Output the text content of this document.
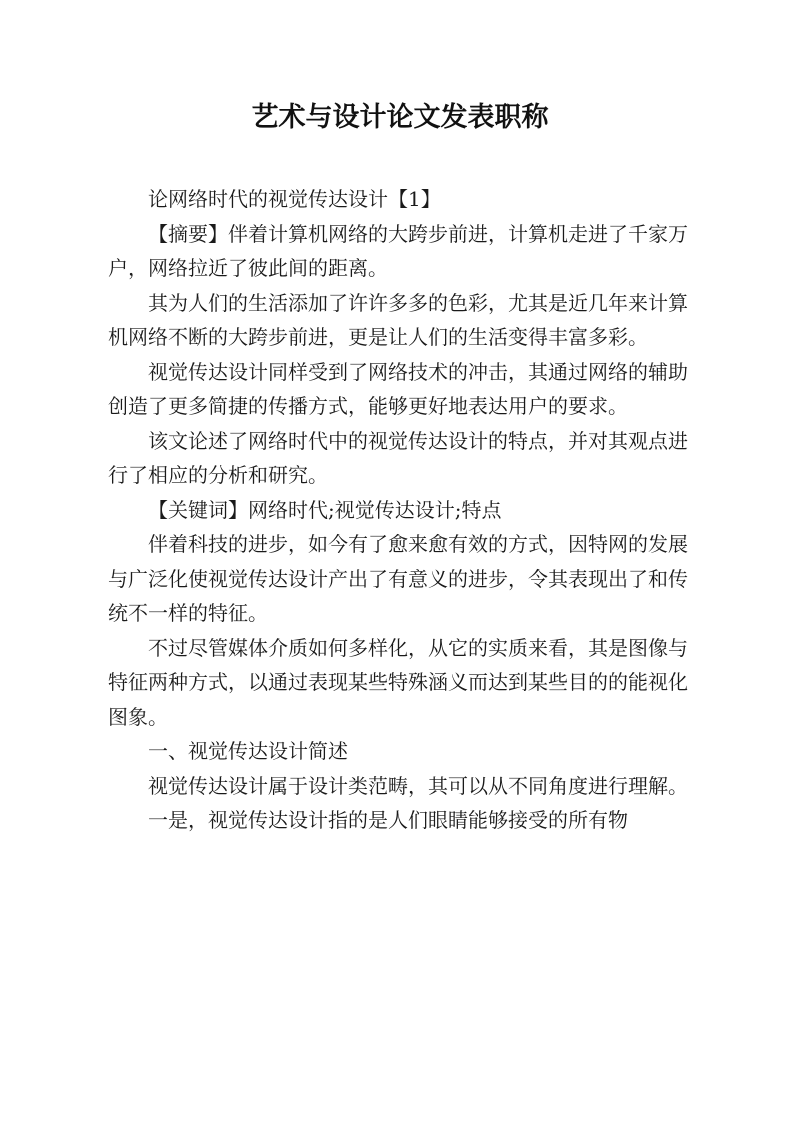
艺术与设计论文发表职称

论网络时代的视觉传达设计【1】

【摘要】伴着计算机网络的大跨步前进，计算机走进了千家万户，网络拉近了彼此间的距离。

其为人们的生活添加了许许多多的色彩，尤其是近几年来计算机网络不断的大跨步前进，更是让人们的生活变得丰富多彩。

视觉传达设计同样受到了网络技术的冲击，其通过网络的辅助创造了更多简捷的传播方式，能够更好地表达用户的要求。

该文论述了网络时代中的视觉传达设计的特点，并对其观点进行了相应的分析和研究。

【关键词】网络时代;视觉传达设计;特点

伴着科技的进步，如今有了愈来愈有效的方式，因特网的发展与广泛化使视觉传达设计产出了有意义的进步，令其表现出了和传统不一样的特征。

不过尽管媒体介质如何多样化，从它的实质来看，其是图像与特征两种方式，以通过表现某些特殊涵义而达到某些目的的能视化图象。

一、视觉传达设计简述

视觉传达设计属于设计类范畴，其可以从不同角度进行理解。

一是，视觉传达设计指的是人们眼睛能够接受的所有物
